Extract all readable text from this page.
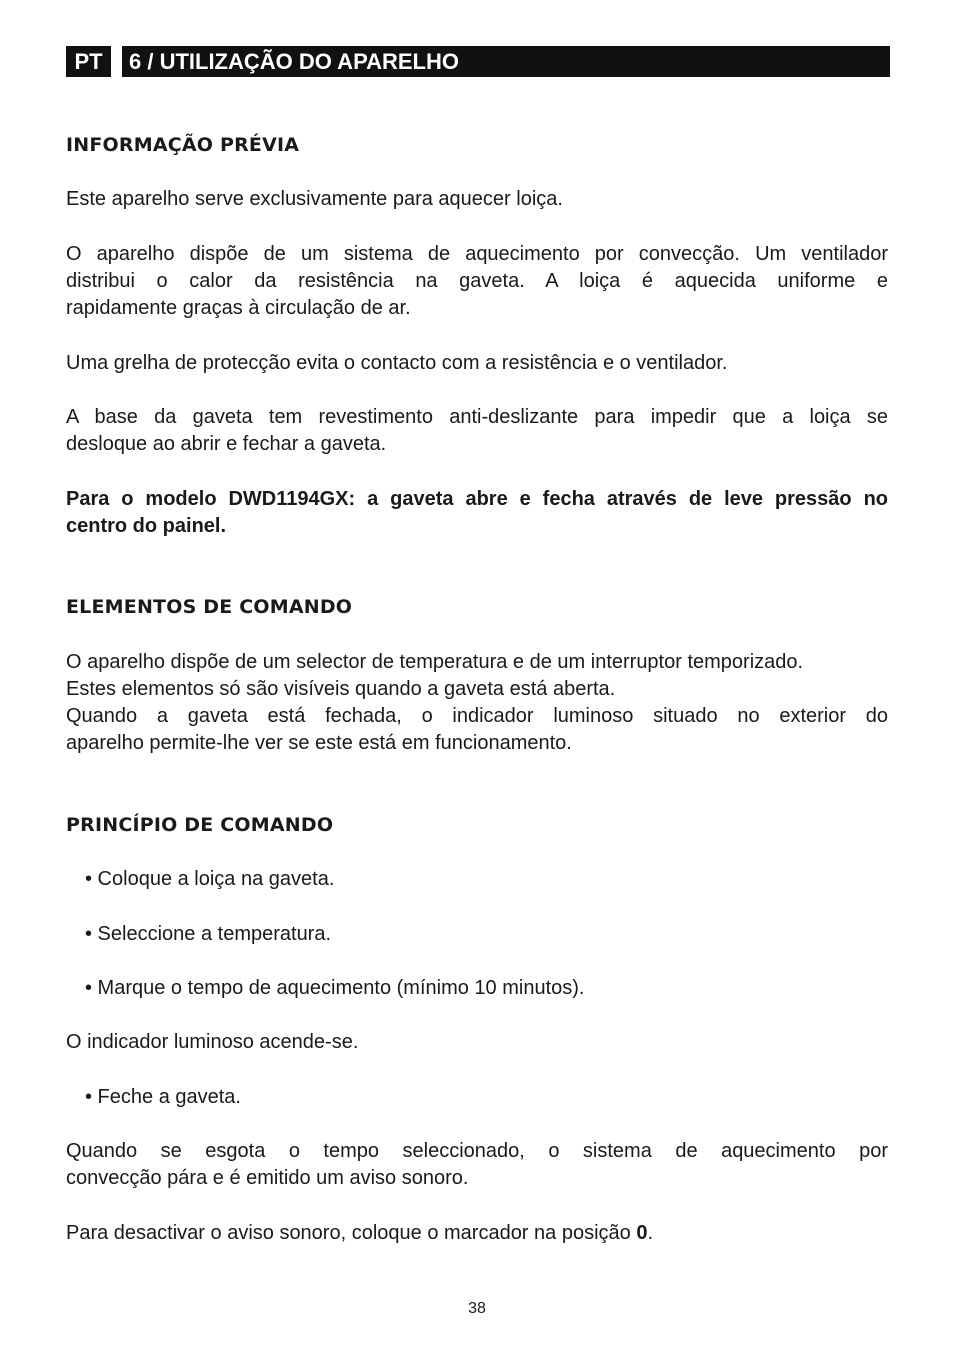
PT	6 / UTILIZAÇÃO DO APARELHO
INFORMAÇÃO PRÉVIA
Este aparelho serve exclusivamente para aquecer loiça.
O aparelho dispõe de um sistema de aquecimento por convecção. Um ventilador
distribui o calor da resistência na gaveta. A loiça é aquecida uniforme e
rapidamente graças à circulação de ar.
Uma grelha de protecção evita o contacto com a resistência e o ventilador.
A base da gaveta tem revestimento anti-deslizante para impedir que a loiça se
desloque ao abrir e fechar a gaveta.
Para o modelo DWD1194GX: a gaveta abre e fecha através de leve pressão no
centro do painel.
ELEMENTOS DE COMANDO
O aparelho dispõe de um selector de temperatura e de um interruptor temporizado.
Estes elementos só são visíveis quando a gaveta está aberta.
Quando a gaveta está fechada, o indicador luminoso situado no exterior do
aparelho permite-lhe ver se este está em funcionamento.
PRINCÍPIO DE COMANDO
• Coloque a loiça na gaveta.
• Seleccione a temperatura.
• Marque o tempo de aquecimento (mínimo 10 minutos).
O indicador luminoso acende-se.
• Feche a gaveta.
Quando se esgota o tempo seleccionado, o sistema de aquecimento por
convecção pára e é emitido um aviso sonoro.
Para desactivar o aviso sonoro, coloque o marcador na posição 0.
38
